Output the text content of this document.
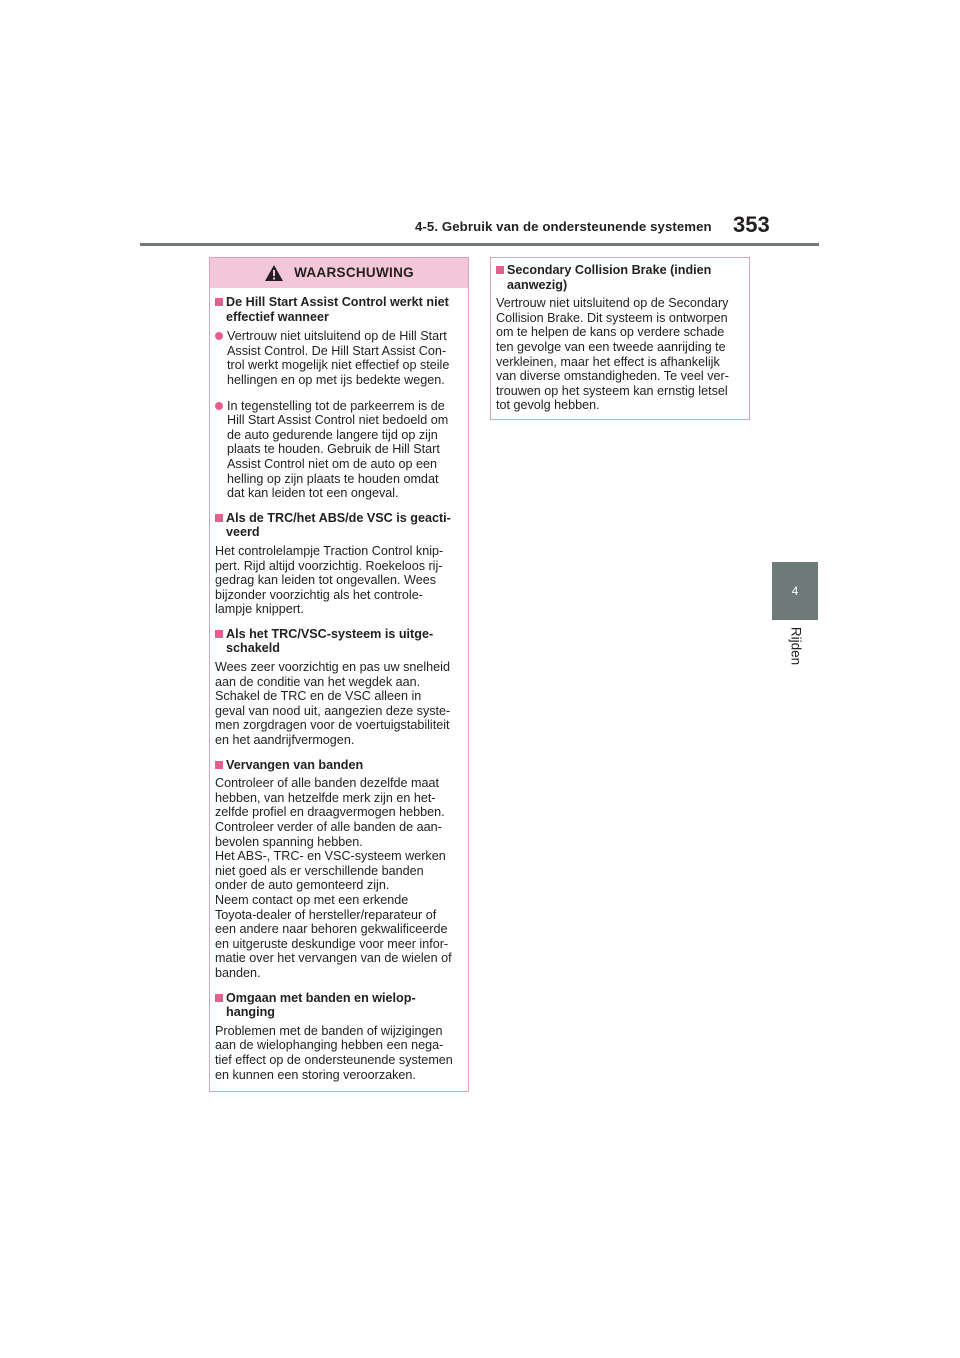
4-5. Gebruik van de ondersteunende systemen 353
4
Rijden
WAARSCHUWING
De Hill Start Assist Control werkt niet
effectief wanneer
Vertrouw niet uitsluitend op de Hill Start
Assist Control. De Hill Start Assist Con-
trol werkt mogelijk niet effectief op steile
hellingen en op met ijs bedekte wegen.
In tegenstelling tot de parkeerrem is de
Hill Start Assist Control niet bedoeld om
de auto gedurende langere tijd op zijn
plaats te houden. Gebruik de Hill Start
Assist Control niet om de auto op een
helling op zijn plaats te houden omdat
dat kan leiden tot een ongeval.
Als de TRC/het ABS/de VSC is geacti-
veerd
Het controlelampje Traction Control knip-
pert. Rijd altijd voorzichtig. Roekeloos rij-
gedrag kan leiden tot ongevallen. Wees
bijzonder voorzichtig als het controle-
lampje knippert.
Als het TRC/VSC-systeem is uitge-
schakeld
Wees zeer voorzichtig en pas uw snelheid
aan de conditie van het wegdek aan.
Schakel de TRC en de VSC alleen in
geval van nood uit, aangezien deze syste-
men zorgdragen voor de voertuigstabiliteit
en het aandrijfvermogen.
Vervangen van banden
Controleer of alle banden dezelfde maat
hebben, van hetzelfde merk zijn en het-
zelfde profiel en draagvermogen hebben.
Controleer verder of alle banden de aan-
bevolen spanning hebben.
Het ABS-, TRC- en VSC-systeem werken
niet goed als er verschillende banden
onder de auto gemonteerd zijn.
Neem contact op met een erkende
Toyota-dealer of hersteller/reparateur of
een andere naar behoren gekwalificeerde
en uitgeruste deskundige voor meer infor-
matie over het vervangen van de wielen of
banden.
Omgaan met banden en wielop-
hanging
Problemen met de banden of wijzigingen
aan de wielophanging hebben een nega-
tief effect op de ondersteunende systemen
en kunnen een storing veroorzaken.
Secondary Collision Brake (indien
aanwezig)
Vertrouw niet uitsluitend op de Secondary
Collision Brake. Dit systeem is ontworpen
om te helpen de kans op verdere schade
ten gevolge van een tweede aanrijding te
verkleinen, maar het effect is afhankelijk
van diverse omstandigheden. Te veel ver-
trouwen op het systeem kan ernstig letsel
tot gevolg hebben.
